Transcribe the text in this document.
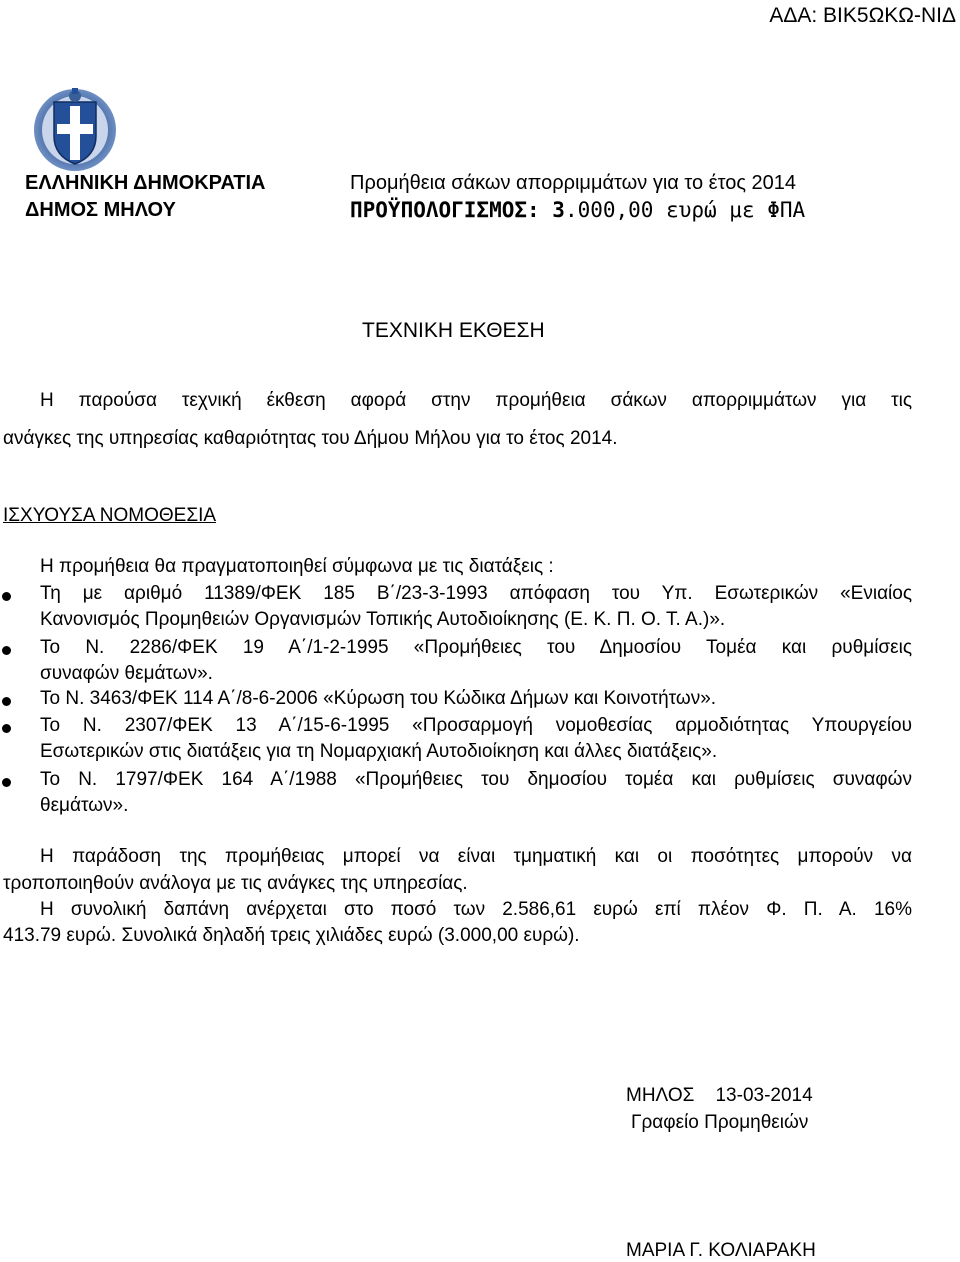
ΑΔΑ: ΒΙΚ5ΩΚΩ-ΝΙΔ
ΕΛΛΗΝΙΚΗ ΔΗΜΟΚΡΑΤΙΑ
ΔΗΜΟΣ ΜΗΛΟΥ
Προμήθεια σάκων απορριμμάτων για το έτος 2014
ΠΡΟΫΠΟΛΟΓΙΣΜΟΣ: 3.000,00 ευρώ με ΦΠΑ
ΤΕΧΝΙΚΗ ΕΚΘΕΣΗ
Η παρούσα τεχνική έκθεση αφορά στην προμήθεια σάκων απορριμμάτων για τις
ανάγκες της υπηρεσίας καθαριότητας του Δήμου Μήλου για το έτος 2014.
ΙΣΧΥΟΥΣΑ ΝΟΜΟΘΕΣΙΑ
Η προμήθεια θα πραγματοποιηθεί σύμφωνα με τις διατάξεις :
Τη με αριθμό 11389/ΦΕΚ 185 Β΄/23-3-1993 απόφαση του Υπ. Εσωτερικών «Ενιαίος
Κανονισμός Προμηθειών Οργανισμών Τοπικής Αυτοδιοίκησης (Ε. Κ. Π. Ο. Τ. Α.)».
Το Ν. 2286/ΦΕΚ 19 Α΄/1-2-1995 «Προμήθειες του Δημοσίου Τομέα και ρυθμίσεις
συναφών θεμάτων».
Το Ν. 3463/ΦΕΚ 114 Α΄/8-6-2006 «Κύρωση του Κώδικα Δήμων και Κοινοτήτων».
Το Ν. 2307/ΦΕΚ 13 Α΄/15-6-1995 «Προσαρμογή νομοθεσίας αρμοδιότητας Υπουργείου
Εσωτερικών στις διατάξεις για τη Νομαρχιακή Αυτοδιοίκηση και άλλες διατάξεις».
Το Ν. 1797/ΦΕΚ 164 Α΄/1988 «Προμήθειες του δημοσίου τομέα και ρυθμίσεις συναφών
θεμάτων».
Η παράδοση της προμήθειας μπορεί να είναι τμηματική και οι ποσότητες μπορούν να
τροποποιηθούν ανάλογα με τις ανάγκες της υπηρεσίας.
Η συνολική δαπάνη ανέρχεται στο ποσό των 2.586,61 ευρώ επί πλέον Φ. Π. Α. 16%
413.79 ευρώ. Συνολικά δηλαδή τρεις χιλιάδες ευρώ (3.000,00 ευρώ).
ΜΗΛΟΣ    13-03-2014
Γραφείο Προμηθειών
ΜΑΡΙΑ Γ. ΚΟΛΙΑΡΑΚΗ
